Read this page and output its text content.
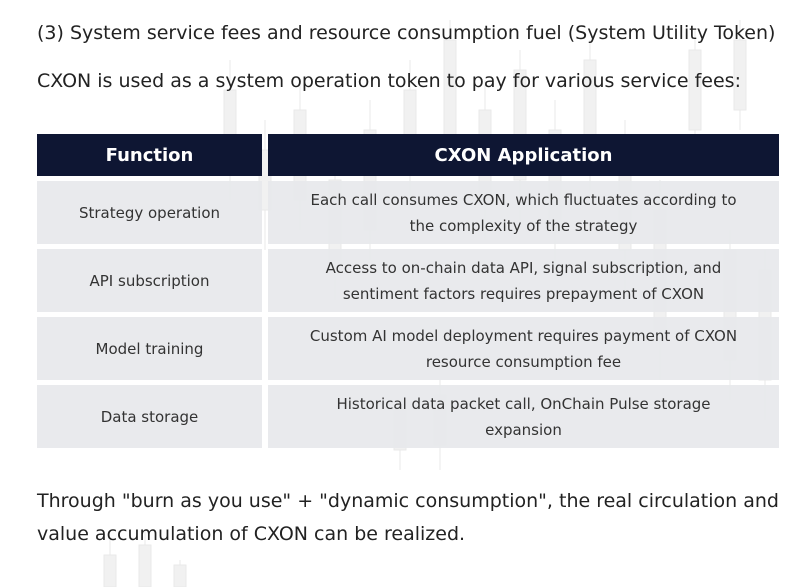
(3) System service fees and resource consumption fuel (System Utility Token)
CXON is used as a system operation token to pay for various service fees:
Function	CXON Application
Strategy operation
Each call consumes CXON, which fluctuates according to the complexity of the strategy
API subscription
Access to on-chain data API, signal subscription, and sentiment factors requires prepayment of CXON
Model training
Custom AI model deployment requires payment of CXON resource consumption fee
Data storage
Historical data packet call, OnChain Pulse storage expansion
Through "burn as you use" + "dynamic consumption", the real circulation and value accumulation of CXON can be realized.
